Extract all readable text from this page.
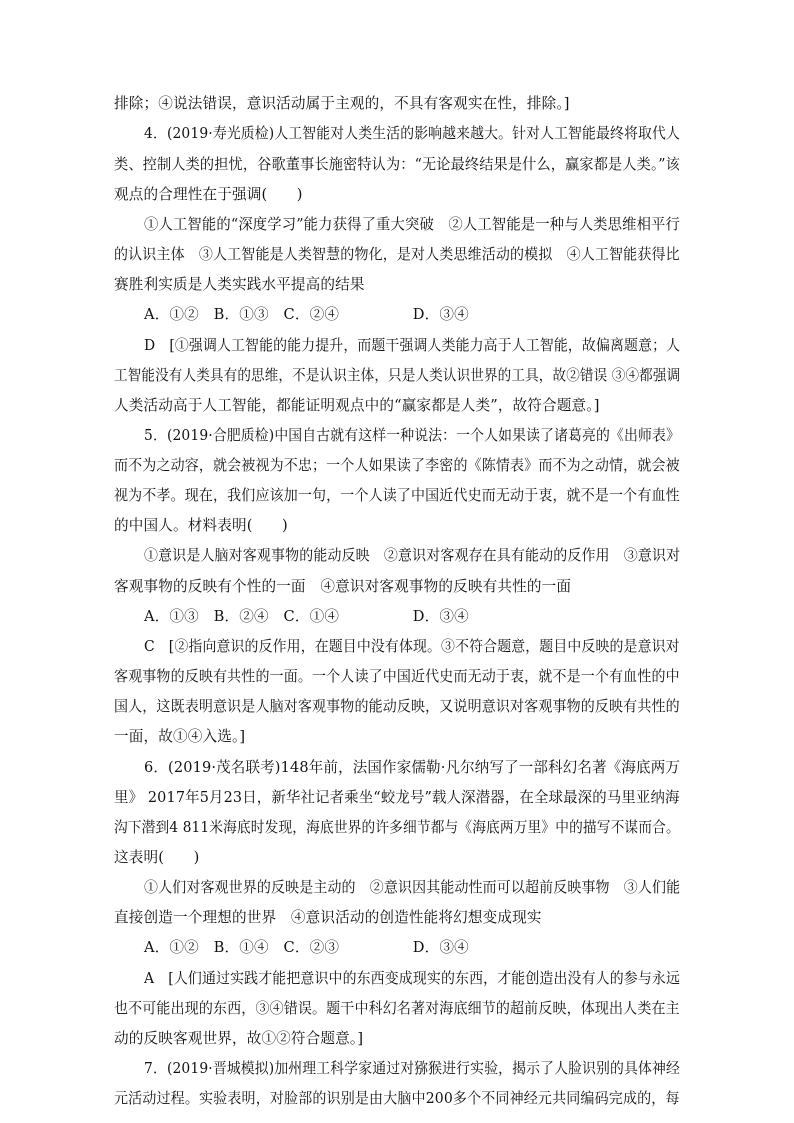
排除；④说法错误，意识活动属于主观的，不具有客观实在性，排除。]
4．(2019·寿光质检)人工智能对人类生活的影响越来越大。针对人工智能最终将取代人
类、控制人类的担忧，谷歌董事长施密特认为：“无论最终结果是什么，赢家都是人类。”该
观点的合理性在于强调(　　)
①人工智能的“深度学习”能力获得了重大突破　②人工智能是一种与人类思维相平行
的认识主体　③人工智能是人类智慧的物化，是对人类思维活动的模拟　④人工智能获得比
赛胜利实质是人类实践水平提高的结果
A．①②　B．①③　C．②④　　　　　D．③④
D　[①强调人工智能的能力提升，而题干强调人类能力高于人工智能，故偏离题意；人
工智能没有人类具有的思维，不是认识主体，只是人类认识世界的工具，故②错误 ③④都强调
人类活动高于人工智能，都能证明观点中的“赢家都是人类”，故符合题意。]
5．(2019·合肥质检)中国自古就有这样一种说法：一个人如果读了诸葛亮的《出师表》
而不为之动容，就会被视为不忠；一个人如果读了李密的《陈情表》而不为之动情，就会被
视为不孝。现在，我们应该加一句，一个人读了中国近代史而无动于衷，就不是一个有血性
的中国人。材料表明(　　)
①意识是人脑对客观事物的能动反映　②意识对客观存在具有能动的反作用　③意识对
客观事物的反映有个性的一面　④意识对客观事物的反映有共性的一面
A．①③　B．②④　C．①④　　　　　D．③④
C　[②指向意识的反作用，在题目中没有体现。③不符合题意，题目中反映的是意识对
客观事物的反映有共性的一面。一个人读了中国近代史而无动于衷，就不是一个有血性的中
国人，这既表明意识是人脑对客观事物的能动反映，又说明意识对客观事物的反映有共性的
一面，故①④入选。]
6．(2019·茂名联考)148年前，法国作家儒勒·凡尔纳写了一部科幻名著《海底两万
里》 2017年5月23日，新华社记者乘坐“蛟龙号”载人深潜器，在全球最深的马里亚纳海
沟下潜到4 811米海底时发现，海底世界的许多细节都与《海底两万里》中的描写不谋而合。
这表明(　　)
①人们对客观世界的反映是主动的　②意识因其能动性而可以超前反映事物　③人们能
直接创造一个理想的世界　④意识活动的创造性能将幻想变成现实
A．①②　B．①④　C．②③　　　　　D．③④
A　[人们通过实践才能把意识中的东西变成现实的东西，才能创造出没有人的参与永远
也不可能出现的东西，③④错误。题干中科幻名著对海底细节的超前反映，体现出人类在主
动的反映客观世界，故①②符合题意。]
7．(2019·晋城模拟)加州理工科学家通过对猕猴进行实验，揭示了人脸识别的具体神经
元活动过程。实验表明，对脸部的识别是由大脑中200多个不同神经元共同编码完成的，每
